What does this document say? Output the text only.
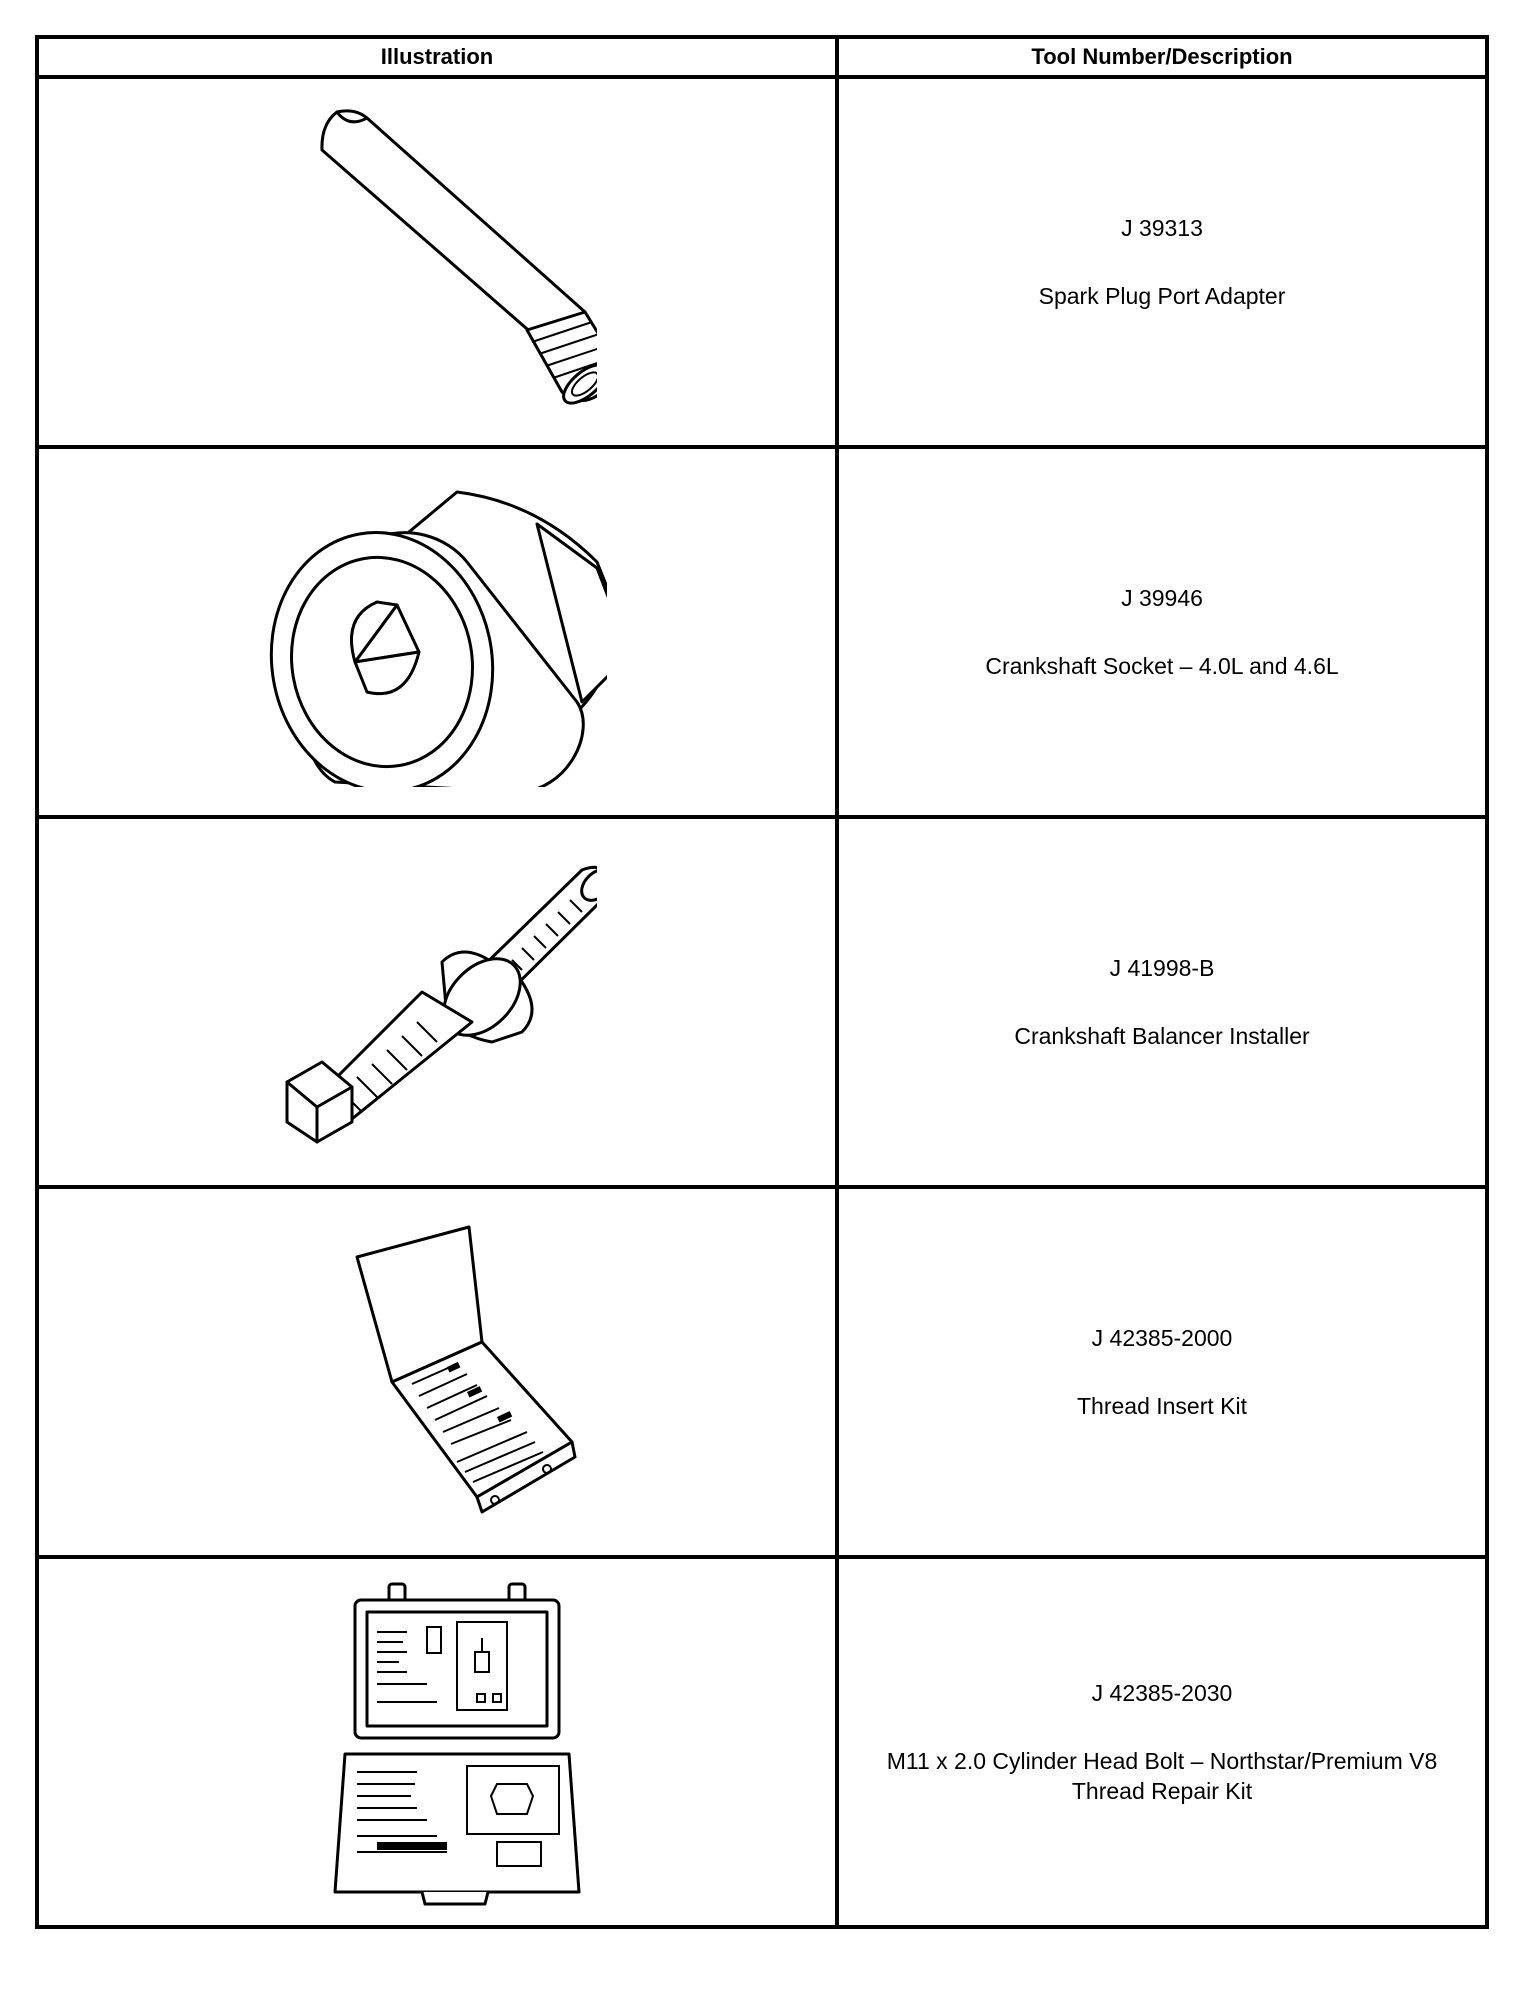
Illustration	Tool Number/Description

J 39313
Spark Plug Port Adapter

J 39946
Crankshaft Socket – 4.0L and 4.6L

J 41998-B
Crankshaft Balancer Installer

J 42385-2000
Thread Insert Kit

J 42385-2030
M11 x 2.0 Cylinder Head Bolt – Northstar/Premium V8 Thread Repair Kit
